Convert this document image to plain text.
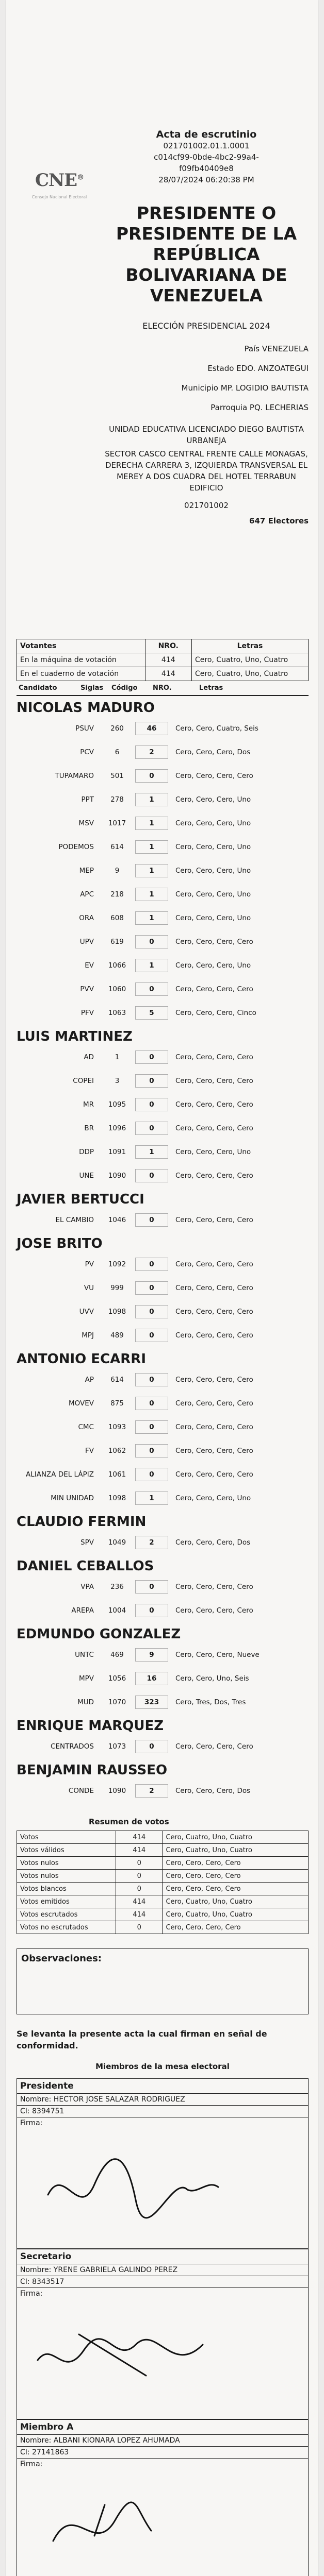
CNE®
Consejo Nacional Electoral
Acta de escrutinio
021701002.01.1.0001
c014cf99-0bde-4bc2-99a4-
f09fb40409e8
28/07/2024 06:20:38 PM
PRESIDENTE O PRESIDENTE DE LA REPÚBLICA BOLIVARIANA DE VENEZUELA
ELECCIÓN PRESIDENCIAL 2024
País VENEZUELA
Estado EDO. ANZOATEGUI
Municipio MP. LOGIDIO BAUTISTA
Parroquia PQ. LECHERIAS
UNIDAD EDUCATIVA LICENCIADO DIEGO BAUTISTA URBANEJA
SECTOR CASCO CENTRAL FRENTE CALLE MONAGAS, DERECHA CARRERA 3, IZQUIERDA TRANSVERSAL EL MEREY A DOS CUADRA DEL HOTEL TERRABUN EDIFICIO
021701002
647 Electores
Votantes	NRO.	Letras
En la máquina de votación	414	Cero, Cuatro, Uno, Cuatro
En el cuaderno de votación	414	Cero, Cuatro, Uno, Cuatro
Candidato	Siglas	Código	NRO.	Letras
NICOLAS MADURO
PSUV	260	46	Cero, Cero, Cuatro, Seis
PCV	6	2	Cero, Cero, Cero, Dos
TUPAMARO	501	0	Cero, Cero, Cero, Cero
PPT	278	1	Cero, Cero, Cero, Uno
MSV	1017	1	Cero, Cero, Cero, Uno
PODEMOS	614	1	Cero, Cero, Cero, Uno
MEP	9	1	Cero, Cero, Cero, Uno
APC	218	1	Cero, Cero, Cero, Uno
ORA	608	1	Cero, Cero, Cero, Uno
UPV	619	0	Cero, Cero, Cero, Cero
EV	1066	1	Cero, Cero, Cero, Uno
PVV	1060	0	Cero, Cero, Cero, Cero
PFV	1063	5	Cero, Cero, Cero, Cinco
LUIS MARTINEZ
AD	1	0	Cero, Cero, Cero, Cero
COPEI	3	0	Cero, Cero, Cero, Cero
MR	1095	0	Cero, Cero, Cero, Cero
BR	1096	0	Cero, Cero, Cero, Cero
DDP	1091	1	Cero, Cero, Cero, Uno
UNE	1090	0	Cero, Cero, Cero, Cero
JAVIER BERTUCCI
EL CAMBIO	1046	0	Cero, Cero, Cero, Cero
JOSE BRITO
PV	1092	0	Cero, Cero, Cero, Cero
VU	999	0	Cero, Cero, Cero, Cero
UVV	1098	0	Cero, Cero, Cero, Cero
MPJ	489	0	Cero, Cero, Cero, Cero
ANTONIO ECARRI
AP	614	0	Cero, Cero, Cero, Cero
MOVEV	875	0	Cero, Cero, Cero, Cero
CMC	1093	0	Cero, Cero, Cero, Cero
FV	1062	0	Cero, Cero, Cero, Cero
ALIANZA DEL LÁPIZ	1061	0	Cero, Cero, Cero, Cero
MIN UNIDAD	1098	1	Cero, Cero, Cero, Uno
CLAUDIO FERMIN
SPV	1049	2	Cero, Cero, Cero, Dos
DANIEL CEBALLOS
VPA	236	0	Cero, Cero, Cero, Cero
AREPA	1004	0	Cero, Cero, Cero, Cero
EDMUNDO GONZALEZ
UNTC	469	9	Cero, Cero, Cero, Nueve
MPV	1056	16	Cero, Cero, Uno, Seis
MUD	1070	323	Cero, Tres, Dos, Tres
ENRIQUE MARQUEZ
CENTRADOS	1073	0	Cero, Cero, Cero, Cero
BENJAMIN RAUSSEO
CONDE	1090	2	Cero, Cero, Cero, Dos
Resumen de votos
Votos	414	Cero, Cuatro, Uno, Cuatro
Votos válidos	414	Cero, Cuatro, Uno, Cuatro
Votos nulos	0	Cero, Cero, Cero, Cero
Votos nulos	0	Cero, Cero, Cero, Cero
Votos blancos	0	Cero, Cero, Cero, Cero
Votos emitidos	414	Cero, Cuatro, Uno, Cuatro
Votos escrutados	414	Cero, Cuatro, Uno, Cuatro
Votos no escrutados	0	Cero, Cero, Cero, Cero
Observaciones:
Se levanta la presente acta la cual firman en señal de conformidad.
Miembros de la mesa electoral
Presidente
Nombre: HECTOR JOSE SALAZAR RODRIGUEZ
CI: 8394751
Firma:
Secretario
Nombre: YRENE GABRIELA GALINDO PEREZ
CI: 8343517
Firma:
Miembro A
Nombre: ALBANI KIONARA LOPEZ AHUMADA
CI: 27141863
Firma:
